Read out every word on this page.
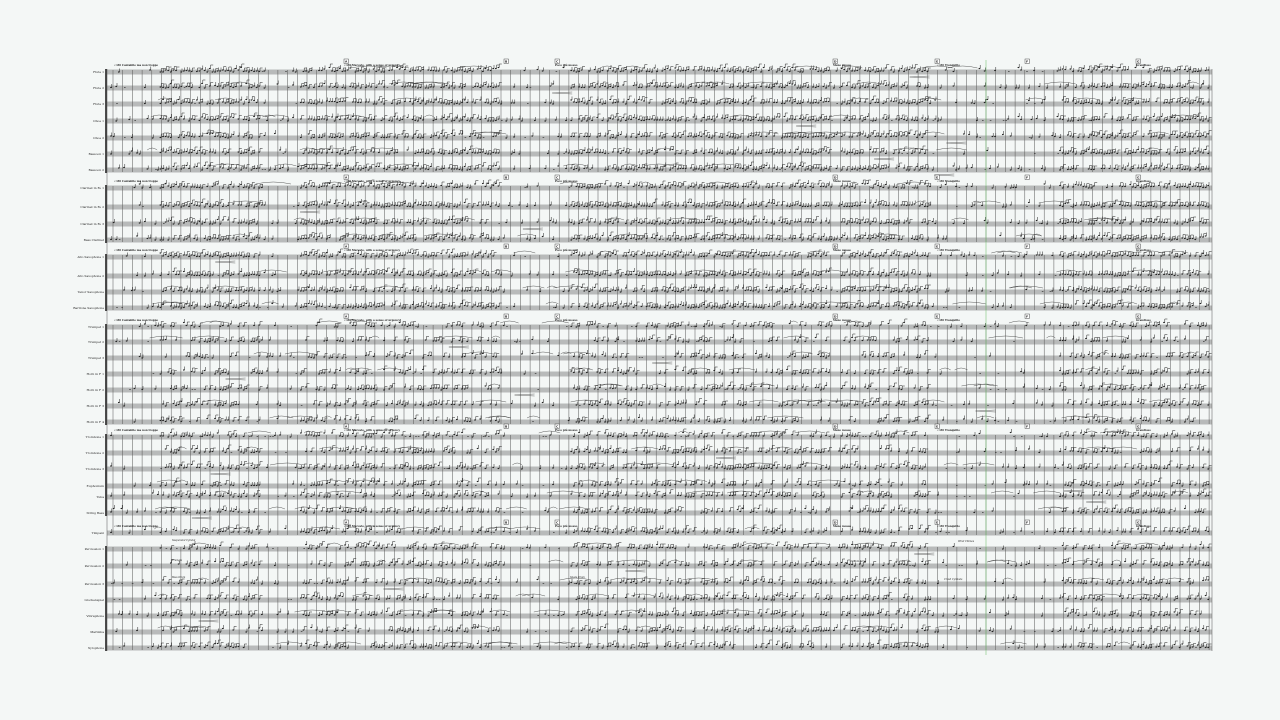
Flute 1
Flute 2
Flute 3
Oboe 1
Oboe 2
Bassoon 1
Bassoon 2
Clarinet in B♭ 1
Clarinet in B♭ 2
Clarinet in B♭ 3
Bass Clarinet
Alto Saxophone 1
Alto Saxophone 2
Tenor Saxophone
Baritone Saxophone
Trumpet 1
Trumpet 2
Trumpet 3
Horn in F 1
Horn in F 2
Horn in F 3
Horn in F 4
Trombone 1
Trombone 2
Trombone 3
Euphonium
Tuba
String Bass
Timpani
Percussion 1
Percussion 2
Percussion 3
Glockenspiel
Vibraphone
Marimba
Xylophone
♩=80 Cantabile ma non troppo	♩=80 Marcato, with a sense of urgency	Poco più mosso	Meno mosso	♩=80 Tranquillo	Grandioso
A	B	C	D	E	F	G
♩=80 Cantabile ma non troppo	♩=80 Marcato, with a sense of urgency	Poco più mosso	Meno mosso	♩=80 Tranquillo	Grandioso
A	B	C	D	E	F	G
♩=80 Cantabile ma non troppo	♩=80 Marcato, with a sense of urgency	Poco più mosso	Meno mosso	♩=80 Tranquillo	Grandioso
A	B	C	D	E	F	G
♩=80 Cantabile ma non troppo	♩=80 Marcato, with a sense of urgency	Poco più mosso	Meno mosso	♩=80 Tranquillo	Grandioso
A	B	C	D	E	F	G
♩=80 Cantabile ma non troppo	♩=80 Marcato, with a sense of urgency	Poco più mosso	Meno mosso	♩=80 Tranquillo	Grandioso
A	B	C	D	E	F	G
♩=80 Cantabile ma non troppo	♩=80 Marcato, with a sense of urgency	Poco più mosso	Meno mosso	♩=80 Tranquillo	Grandioso
A	B	C	D	E	F	G
Suspended Cymbal
Triangle
Bass Drum	Snare Drum
Tam-tam
Crash Cymbals
Wind Chimes
